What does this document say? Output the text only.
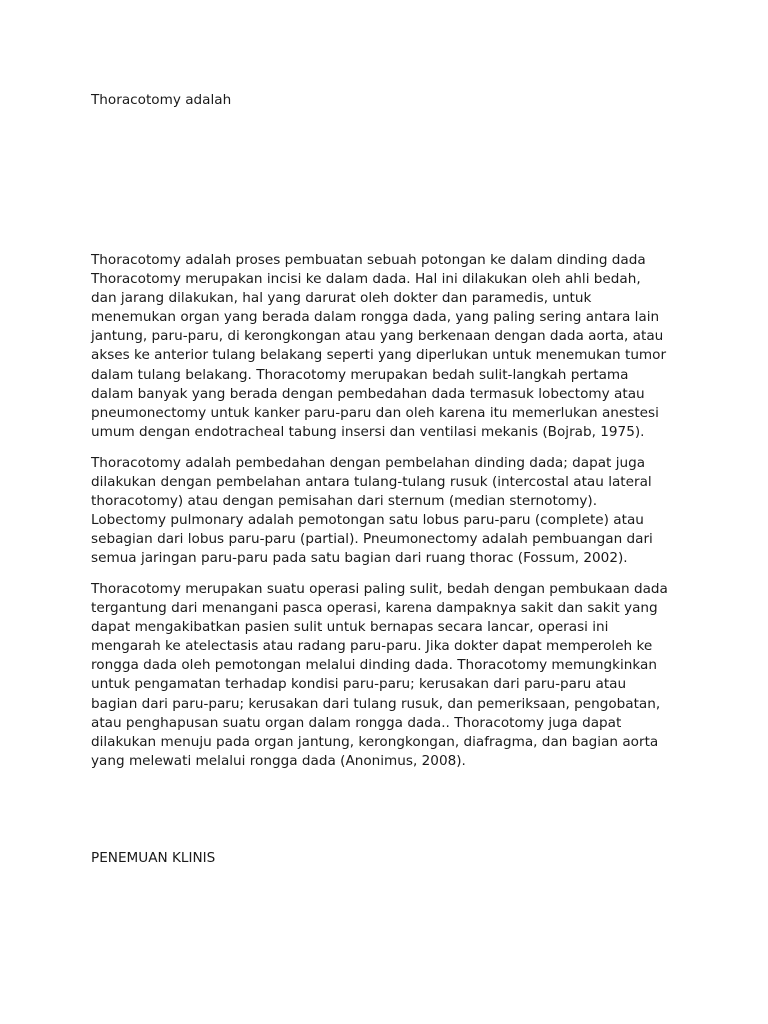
Thoracotomy adalah

Thoracotomy adalah proses pembuatan sebuah potongan ke dalam dinding dada
Thoracotomy merupakan incisi ke dalam dada. Hal ini dilakukan oleh ahli bedah,
dan jarang dilakukan, hal yang darurat oleh dokter dan paramedis, untuk
menemukan organ yang berada dalam rongga dada, yang paling sering antara lain
jantung, paru-paru, di kerongkongan atau yang berkenaan dengan dada aorta, atau
akses ke anterior tulang belakang seperti yang diperlukan untuk menemukan tumor
dalam tulang belakang. Thoracotomy merupakan bedah sulit-langkah pertama
dalam banyak yang berada dengan pembedahan dada termasuk lobectomy atau
pneumonectomy untuk kanker paru-paru dan oleh karena itu memerlukan anestesi
umum dengan endotracheal tabung insersi dan ventilasi mekanis (Bojrab, 1975).

Thoracotomy adalah pembedahan dengan pembelahan dinding dada; dapat juga
dilakukan dengan pembelahan antara tulang-tulang rusuk (intercostal atau lateral
thoracotomy) atau dengan pemisahan dari sternum (median sternotomy).
Lobectomy pulmonary adalah pemotongan satu lobus paru-paru (complete) atau
sebagian dari lobus paru-paru (partial). Pneumonectomy adalah pembuangan dari
semua jaringan paru-paru pada satu bagian dari ruang thorac (Fossum, 2002).

Thoracotomy merupakan suatu operasi paling sulit, bedah dengan pembukaan dada
tergantung dari menangani pasca operasi, karena dampaknya sakit dan sakit yang
dapat mengakibatkan pasien sulit untuk bernapas secara lancar, operasi ini
mengarah ke atelectasis atau radang paru-paru. Jika dokter dapat memperoleh ke
rongga dada oleh pemotongan melalui dinding dada. Thoracotomy memungkinkan
untuk pengamatan terhadap kondisi paru-paru; kerusakan dari paru-paru atau
bagian dari paru-paru; kerusakan dari tulang rusuk, dan pemeriksaan, pengobatan,
atau penghapusan suatu organ dalam rongga dada.. Thoracotomy juga dapat
dilakukan menuju pada organ jantung, kerongkongan, diafragma, dan bagian aorta
yang melewati melalui rongga dada (Anonimus, 2008).

PENEMUAN KLINIS
